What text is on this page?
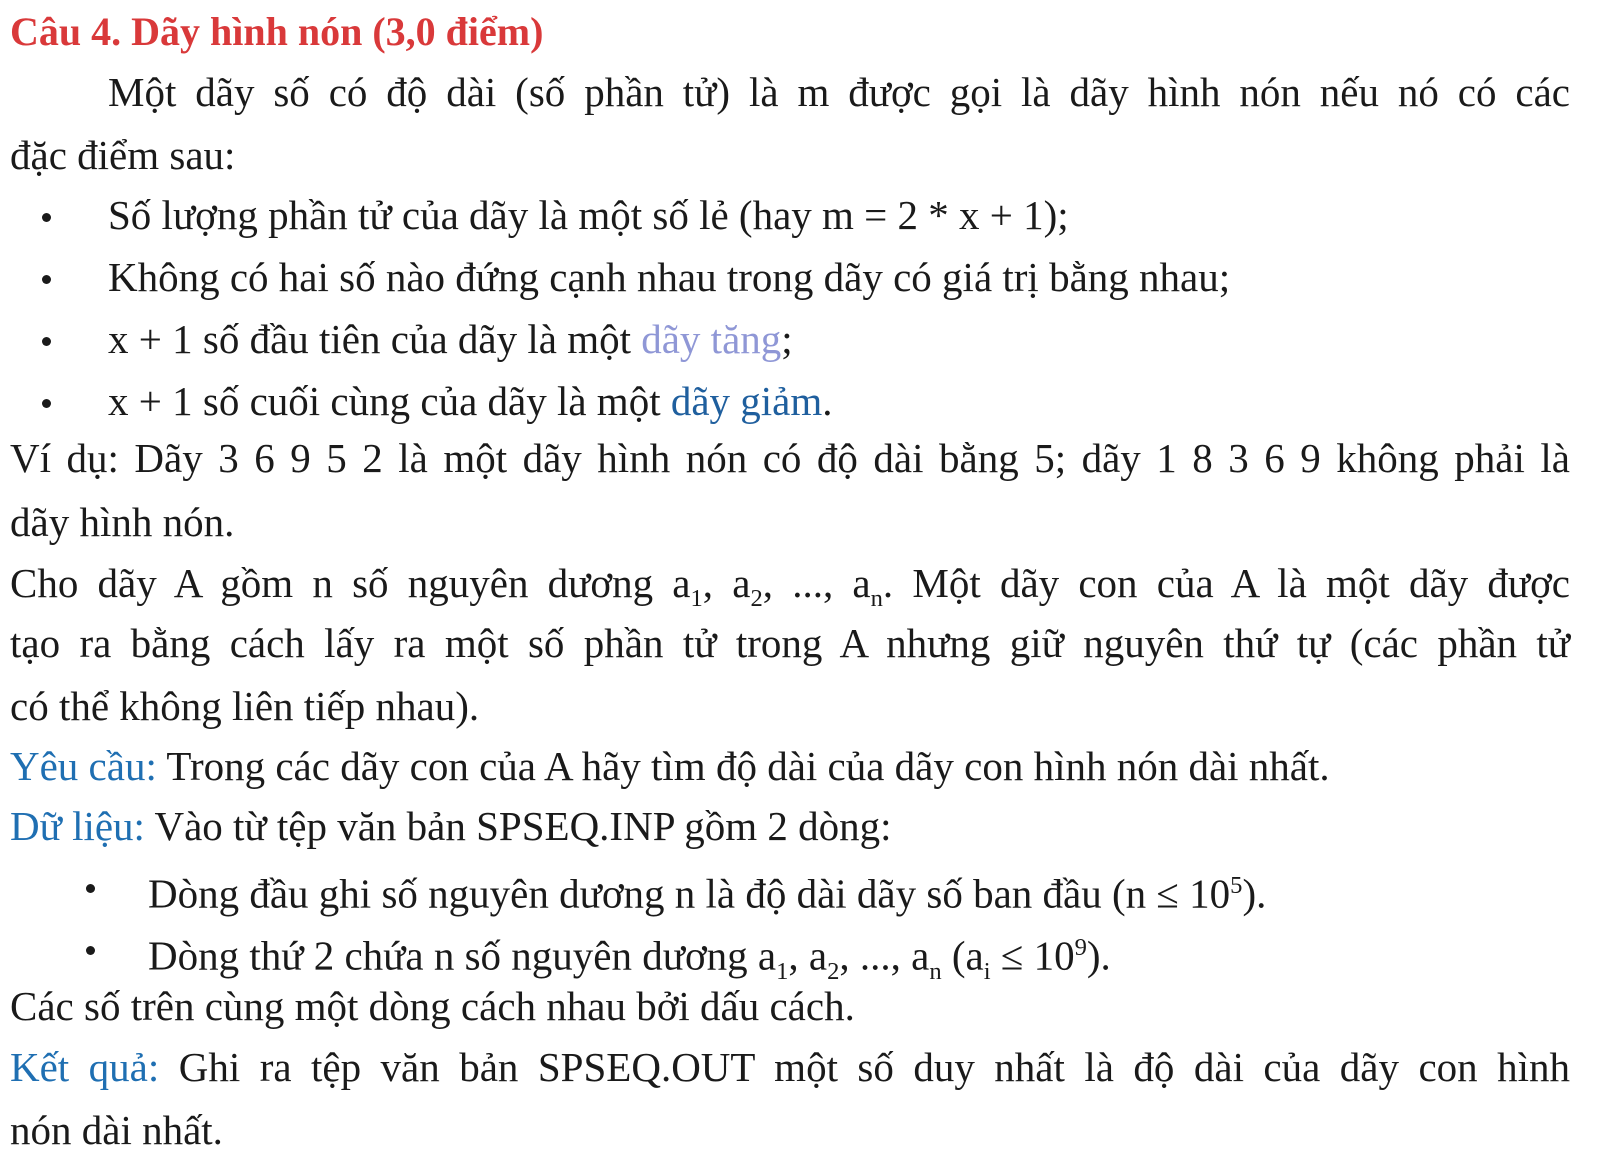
Câu 4. Dãy hình nón (3,0 điểm)
Một dãy số có độ dài (số phần tử) là m được gọi là dãy hình nón nếu nó có các
đặc điểm sau:
Số lượng phần tử của dãy là một số lẻ (hay m = 2 * x + 1);
Không có hai số nào đứng cạnh nhau trong dãy có giá trị bằng nhau;
x + 1 số đầu tiên của dãy là một dãy tăng;
x + 1 số cuối cùng của dãy là một dãy giảm.
Ví dụ: Dãy 3 6 9 5 2 là một dãy hình nón có độ dài bằng 5; dãy 1 8 3 6 9 không phải là
dãy hình nón.
Cho dãy A gồm n số nguyên dương $a_1$, $a_2$, ..., $a_n$. Một dãy con của A là một dãy được
tạo ra bằng cách lấy ra một số phần tử trong A nhưng giữ nguyên thứ tự (các phần tử
có thể không liên tiếp nhau).
Yêu cầu: Trong các dãy con của A hãy tìm độ dài của dãy con hình nón dài nhất.
Dữ liệu: Vào từ tệp văn bản SPSEQ.INP gồm 2 dòng:
Dòng đầu ghi số nguyên dương n là độ dài dãy số ban đầu $(n \le 10^5)$.
Dòng thứ 2 chứa n số nguyên dương $a_1$, $a_2$, ..., $a_n$ $(a_i \le 10^9)$.
Các số trên cùng một dòng cách nhau bởi dấu cách.
Kết quả: Ghi ra tệp văn bản SPSEQ.OUT một số duy nhất là độ dài của dãy con hình
nón dài nhất.
